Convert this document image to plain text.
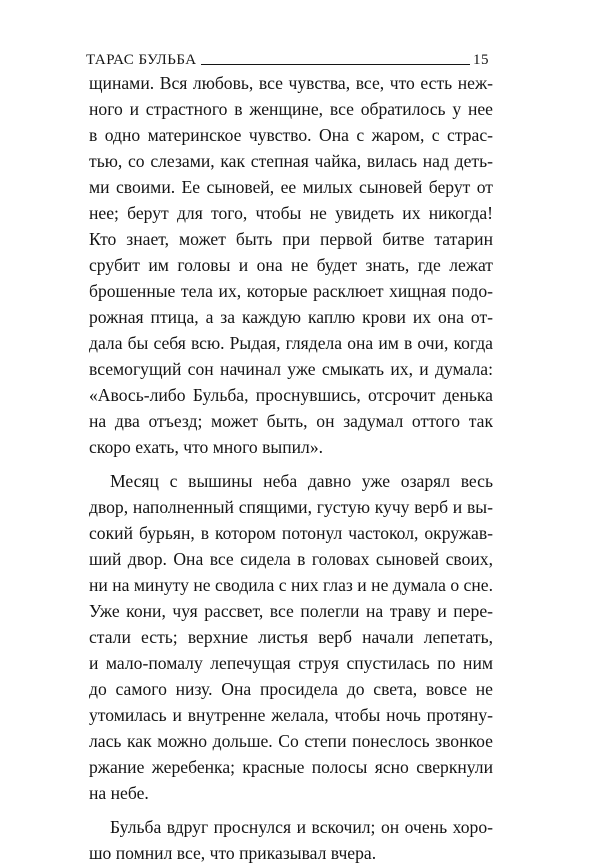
ТАРАС БУЛЬБА	15
щинами. Вся любовь, все чувства, все, что есть неж-
ного и страстного в женщине, все обратилось у нее
в одно материнское чувство. Она с жаром, с страс-
тью, со слезами, как степная чайка, вилась над деть-
ми своими. Ее сыновей, ее милых сыновей берут от
нее; берут для того, чтобы не увидеть их никогда!
Кто знает, может быть при первой битве татарин
срубит им головы и она не будет знать, где лежат
брошенные тела их, которые расклюет хищная подо-
рожная птица, а за каждую каплю крови их она от-
дала бы себя всю. Рыдая, глядела она им в очи, когда
всемогущий сон начинал уже смыкать их, и думала:
«Авось-либо Бульба, проснувшись, отсрочит денька
на два отъезд; может быть, он задумал оттого так
скоро ехать, что много выпил».
Месяц с вышины неба давно уже озарял весь
двор, наполненный спящими, густую кучу верб и вы-
сокий бурьян, в котором потонул частокол, окружав-
ший двор. Она все сидела в головах сыновей своих,
ни на минуту не сводила с них глаз и не думала о сне.
Уже кони, чуя рассвет, все полегли на траву и пере-
стали есть; верхние листья верб начали лепетать,
и мало-помалу лепечущая струя спустилась по ним
до самого низу. Она просидела до света, вовсе не
утомилась и внутренне желала, чтобы ночь протяну-
лась как можно дольше. Со степи понеслось звонкое
ржание жеребенка; красные полосы ясно сверкнули
на небе.
Бульба вдруг проснулся и вскочил; он очень хоро-
шо помнил все, что приказывал вчера.
